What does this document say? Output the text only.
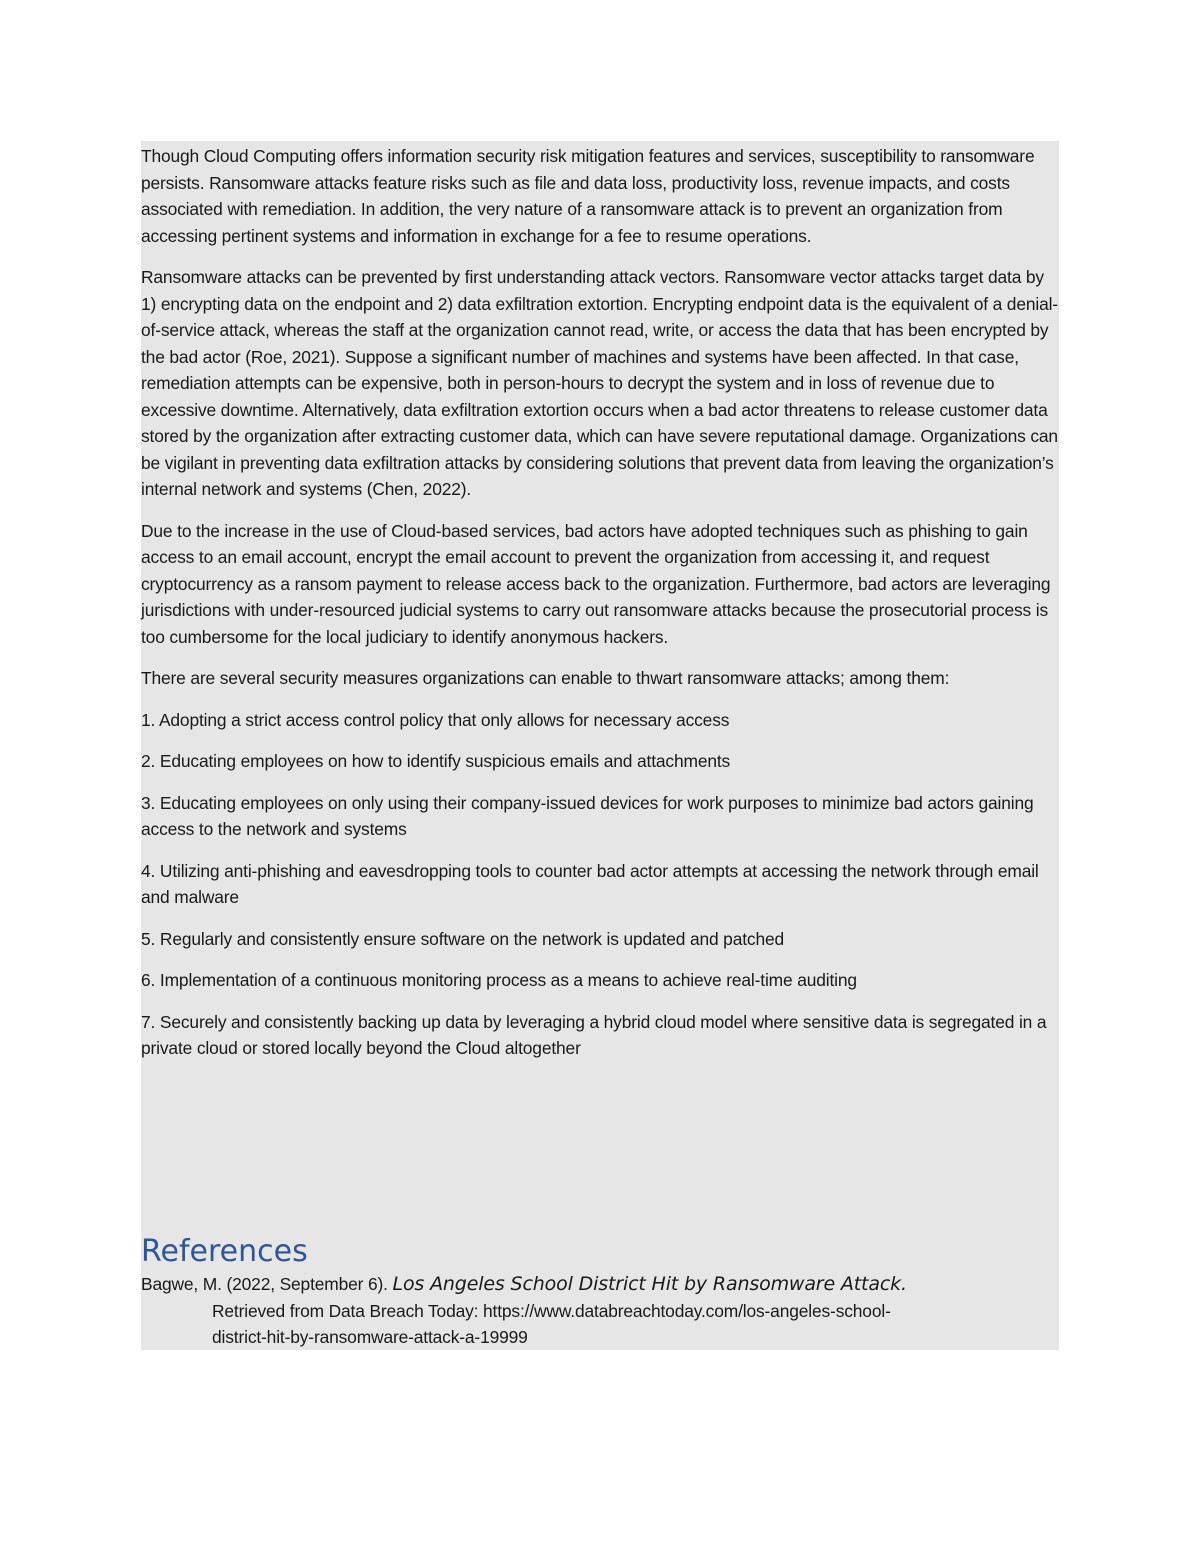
Though Cloud Computing offers information security risk mitigation features and services, susceptibility to ransomware persists. Ransomware attacks feature risks such as file and data loss, productivity loss, revenue impacts, and costs associated with remediation. In addition, the very nature of a ransomware attack is to prevent an organization from accessing pertinent systems and information in exchange for a fee to resume operations.

Ransomware attacks can be prevented by first understanding attack vectors. Ransomware vector attacks target data by 1) encrypting data on the endpoint and 2) data exfiltration extortion. Encrypting endpoint data is the equivalent of a denial-of-service attack, whereas the staff at the organization cannot read, write, or access the data that has been encrypted by the bad actor (Roe, 2021). Suppose a significant number of machines and systems have been affected. In that case, remediation attempts can be expensive, both in person-hours to decrypt the system and in loss of revenue due to excessive downtime. Alternatively, data exfiltration extortion occurs when a bad actor threatens to release customer data stored by the organization after extracting customer data, which can have severe reputational damage. Organizations can be vigilant in preventing data exfiltration attacks by considering solutions that prevent data from leaving the organization’s internal network and systems (Chen, 2022).

Due to the increase in the use of Cloud-based services, bad actors have adopted techniques such as phishing to gain access to an email account, encrypt the email account to prevent the organization from accessing it, and request cryptocurrency as a ransom payment to release access back to the organization. Furthermore, bad actors are leveraging jurisdictions with under-resourced judicial systems to carry out ransomware attacks because the prosecutorial process is too cumbersome for the local judiciary to identify anonymous hackers.

There are several security measures organizations can enable to thwart ransomware attacks; among them:

1. Adopting a strict access control policy that only allows for necessary access

2. Educating employees on how to identify suspicious emails and attachments

3. Educating employees on only using their company-issued devices for work purposes to minimize bad actors gaining access to the network and systems

4. Utilizing anti-phishing and eavesdropping tools to counter bad actor attempts at accessing the network through email and malware

5. Regularly and consistently ensure software on the network is updated and patched

6. Implementation of a continuous monitoring process as a means to achieve real-time auditing

7. Securely and consistently backing up data by leveraging a hybrid cloud model where sensitive data is segregated in a private cloud or stored locally beyond the Cloud altogether

References
Bagwe, M. (2022, September 6). Los Angeles School District Hit by Ransomware Attack.
Retrieved from Data Breach Today: https://www.databreachtoday.com/los-angeles-school-
district-hit-by-ransomware-attack-a-19999
